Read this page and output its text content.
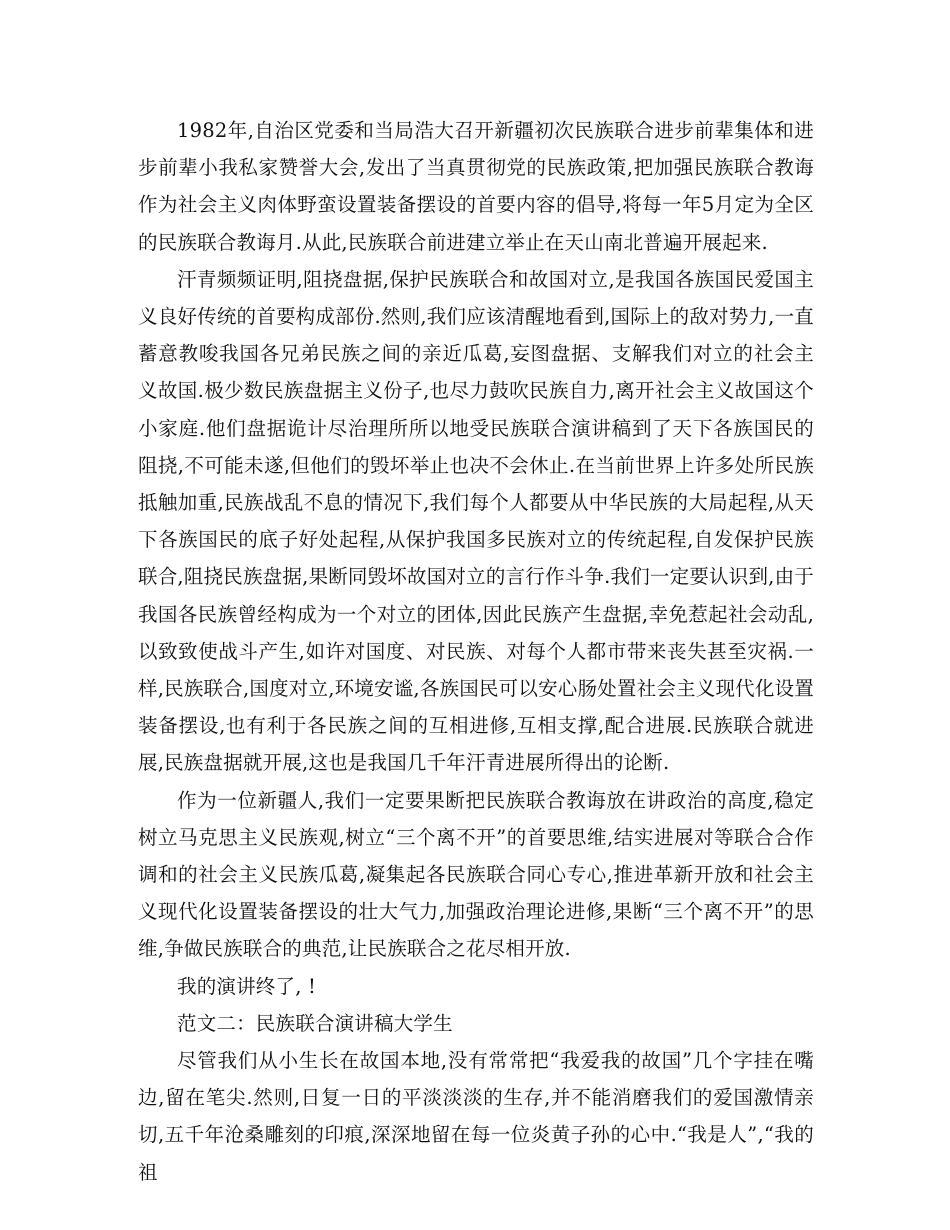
1982年,自治区党委和当局浩大召开新疆初次民族联合进步前辈集体和进步前辈小我私家赞誉大会,发出了当真贯彻党的民族政策,把加强民族联合教诲作为社会主义肉体野蛮设置装备摆设的首要内容的倡导,将每一年5月定为全区的民族联合教诲月.从此,民族联合前进建立举止在天山南北普遍开展起来.

汗青频频证明,阻挠盘据,保护民族联合和故国对立,是我国各族国民爱国主义良好传统的首要构成部份.然则,我们应该清醒地看到,国际上的敌对势力,一直蓄意教唆我国各兄弟民族之间的亲近瓜葛,妄图盘据、支解我们对立的社会主义故国.极少数民族盘据主义份子,也尽力鼓吹民族自力,离开社会主义故国这个小家庭.他们盘据诡计尽治理所所以地受民族联合演讲稿到了天下各族国民的阻挠,不可能未遂,但他们的毁坏举止也决不会休止.在当前世界上许多处所民族抵触加重,民族战乱不息的情况下,我们每个人都要从中华民族的大局起程,从天下各族国民的底子好处起程,从保护我国多民族对立的传统起程,自发保护民族联合,阻挠民族盘据,果断同毁坏故国对立的言行作斗争.我们一定要认识到,由于我国各民族曾经构成为一个对立的团体,因此民族产生盘据,幸免惹起社会动乱,以致致使战斗产生,如许对国度、对民族、对每个人都市带来丧失甚至灾祸.一样,民族联合,国度对立,环境安谧,各族国民可以安心肠处置社会主义现代化设置装备摆设,也有利于各民族之间的互相进修,互相支撑,配合进展.民族联合就进展,民族盘据就开展,这也是我国几千年汗青进展所得出的论断.

作为一位新疆人,我们一定要果断把民族联合教诲放在讲政治的高度,稳定树立马克思主义民族观,树立“三个离不开”的首要思维,结实进展对等联合合作调和的社会主义民族瓜葛,凝集起各民族联合同心专心,推进革新开放和社会主义现代化设置装备摆设的壮大气力,加强政治理论进修,果断“三个离不开”的思维,争做民族联合的典范,让民族联合之花尽相开放.

我的演讲终了, !

范文二：民族联合演讲稿大学生

尽管我们从小生长在故国本地,没有常常把“我爱我的故国”几个字挂在嘴边,留在笔尖.然则,日复一日的平淡淡淡的生存,并不能消磨我们的爱国激情亲切,五千年沧桑雕刻的印痕,深深地留在每一位炎黄子孙的心中.“我是人”,“我的祖
